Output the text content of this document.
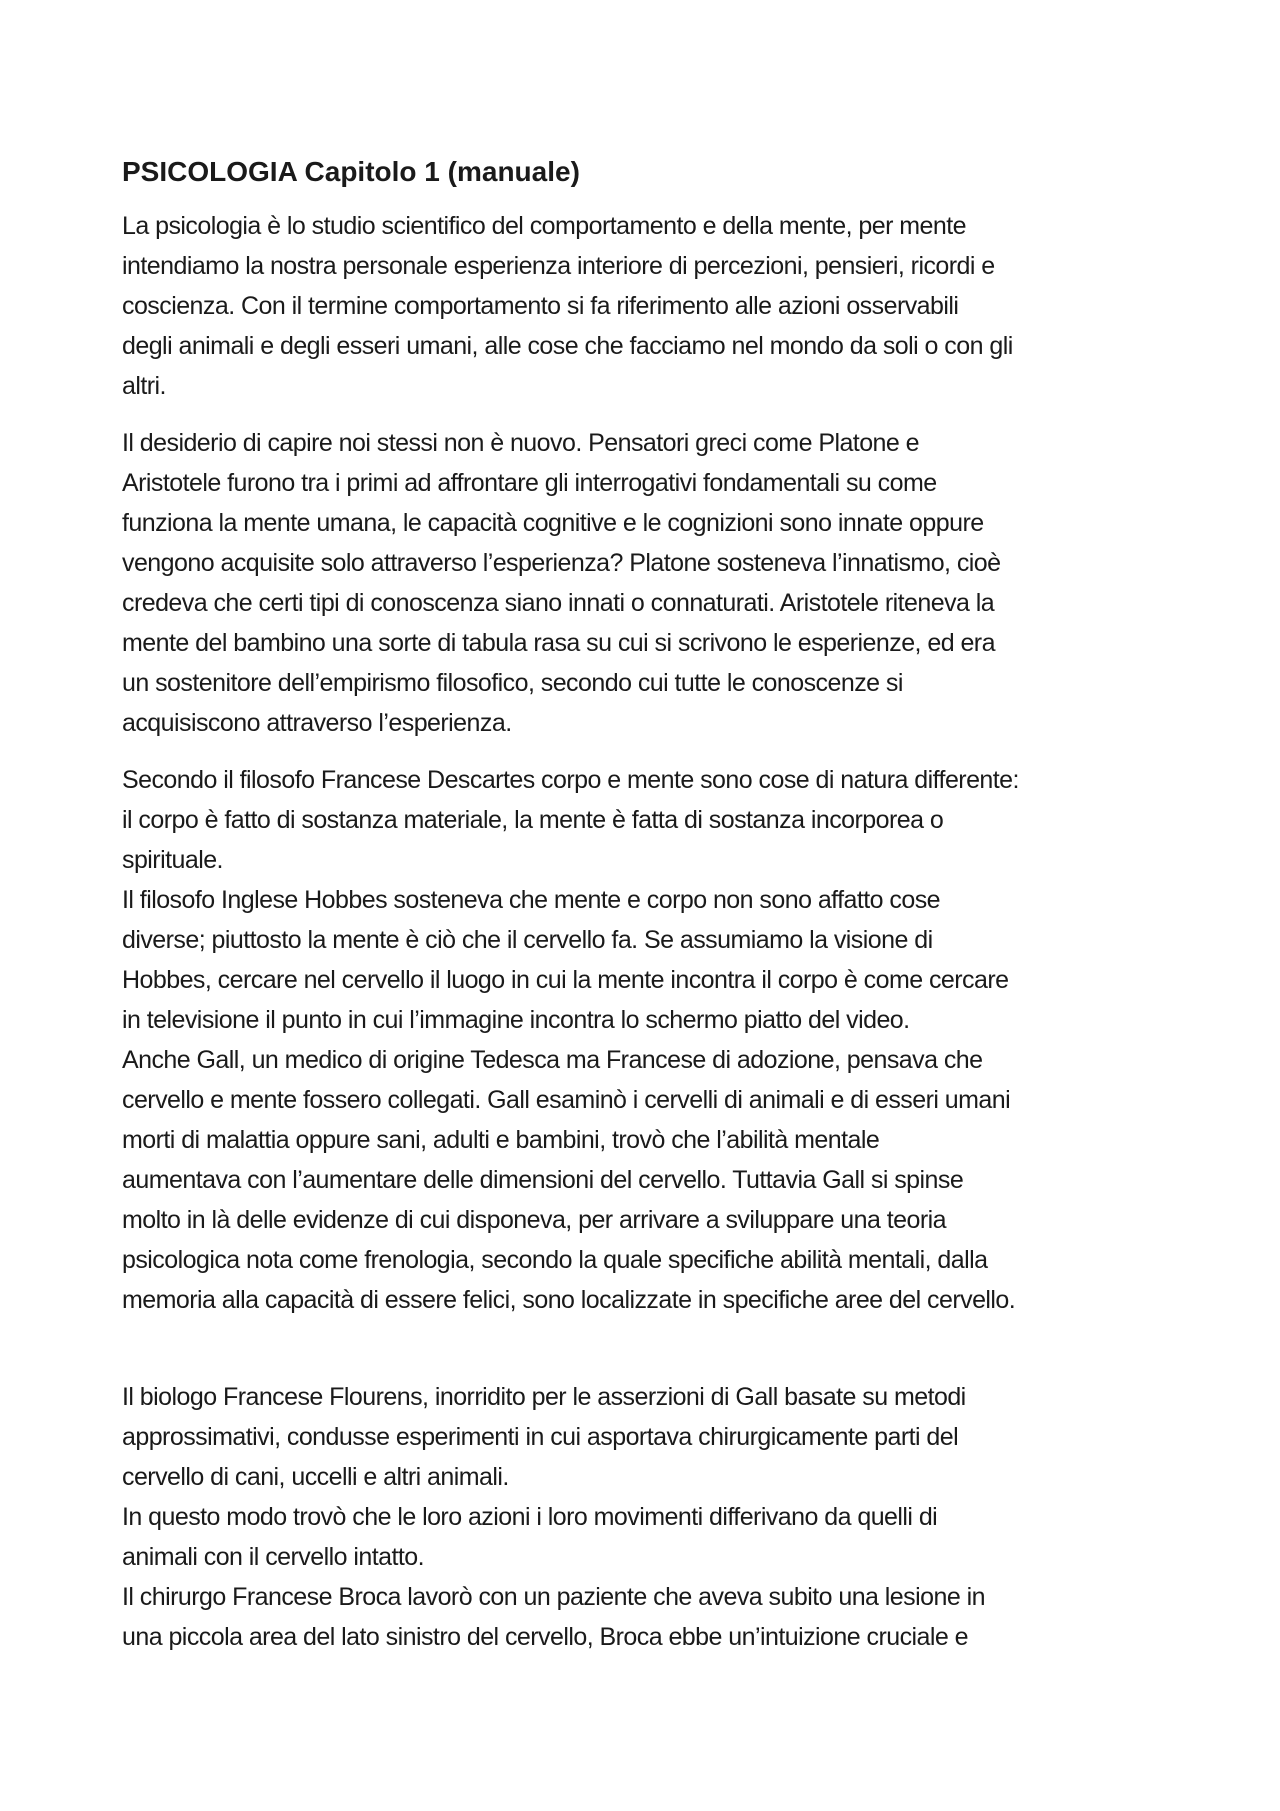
PSICOLOGIA Capitolo 1 (manuale)
La psicologia è lo studio scientifico del comportamento e della mente, per mente
intendiamo la nostra personale esperienza interiore di percezioni, pensieri, ricordi e
coscienza. Con il termine comportamento si fa riferimento alle azioni osservabili
degli animali e degli esseri umani, alle cose che facciamo nel mondo da soli o con gli
altri.
Il desiderio di capire noi stessi non è nuovo. Pensatori greci come Platone e
Aristotele furono tra i primi ad affrontare gli interrogativi fondamentali su come
funziona la mente umana, le capacità cognitive e le cognizioni sono innate oppure
vengono acquisite solo attraverso l’esperienza? Platone sosteneva l’innatismo, cioè
credeva che certi tipi di conoscenza siano innati o connaturati. Aristotele riteneva la
mente del bambino una sorte di tabula rasa su cui si scrivono le esperienze, ed era
un sostenitore dell’empirismo filosofico, secondo cui tutte le conoscenze si
acquisiscono attraverso l’esperienza.
Secondo il filosofo Francese Descartes corpo e mente sono cose di natura differente:
il corpo è fatto di sostanza materiale, la mente è fatta di sostanza incorporea o
spirituale.
Il filosofo Inglese Hobbes sosteneva che mente e corpo non sono affatto cose
diverse; piuttosto la mente è ciò che il cervello fa. Se assumiamo la visione di
Hobbes, cercare nel cervello il luogo in cui la mente incontra il corpo è come cercare
in televisione il punto in cui l’immagine incontra lo schermo piatto del video.
Anche Gall, un medico di origine Tedesca ma Francese di adozione, pensava che
cervello e mente fossero collegati. Gall esaminò i cervelli di animali e di esseri umani
morti di malattia oppure sani, adulti e bambini, trovò che l’abilità mentale
aumentava con l’aumentare delle dimensioni del cervello. Tuttavia Gall si spinse
molto in là delle evidenze di cui disponeva, per arrivare a sviluppare una teoria
psicologica nota come frenologia, secondo la quale specifiche abilità mentali, dalla
memoria alla capacità di essere felici, sono localizzate in specifiche aree del cervello.
Il biologo Francese Flourens, inorridito per le asserzioni di Gall basate su metodi
approssimativi, condusse esperimenti in cui asportava chirurgicamente parti del
cervello di cani, uccelli e altri animali.
In questo modo trovò che le loro azioni i loro movimenti differivano da quelli di
animali con il cervello intatto.
Il chirurgo Francese Broca lavorò con un paziente che aveva subito una lesione in
una piccola area del lato sinistro del cervello, Broca ebbe un’intuizione cruciale e
